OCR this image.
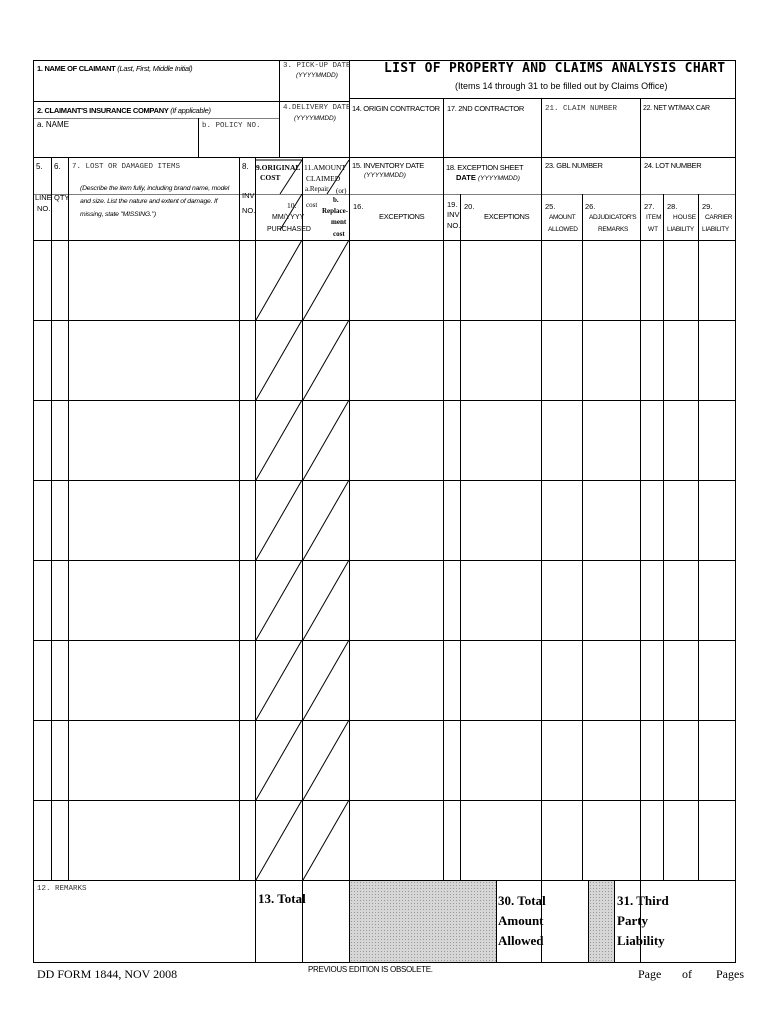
LIST OF PROPERTY AND CLAIMS ANALYSIS CHART
(Items 14 through 31 to be filled out by Claims Office)
1. NAME OF CLAIMANT (Last, First, Middle Initial)
2. CLAIMANT'S INSURANCE COMPANY (If applicable)
a. NAME	b. POLICY NO.
3. PICK-UP DATE
(YYYYMMDD)
4.DELIVERY DATE
(YYYYMMDD)
14. ORIGIN CONTRACTOR 17. 2ND CONTRACTOR	21. CLAIM NUMBER	22. NET WT/MAX CAR
5.
LINE
NO.
6.
QTY
7. LOST OR DAMAGED ITEMS
(Describe the item fully, including brand name, model and size. List the nature and extent of damage. If missing, state "MISSING.")
8.
INV
NO.
9.ORIGINAL
COST
MM/YYYY
PURCHASED
10. cost
11.AMOUNT
CLAIMED
a.Repair (or)
b.
Replace-
ment
cost
15. INVENTORY DATE
(YYYYMMDD)
16.
EXCEPTIONS
18. EXCEPTION SHEET
DATE (YYYYMMDD)
19.
INV
NO.
20.
EXCEPTIONS
23. GBL NUMBER	24. LOT NUMBER
25.
AMOUNT
ALLOWED
26.
ADJUDICATOR'S
REMARKS
27.
ITEM
WT
28.
HOUSE
LIABILITY
29.
CARRIER
LIABILITY
12. REMARKS
13. Total	30. Total
Amount
Allowed
31. Third
Party
Liability
DD FORM 1844, NOV 2008	PREVIOUS EDITION IS OBSOLETE.	Page of Pages
